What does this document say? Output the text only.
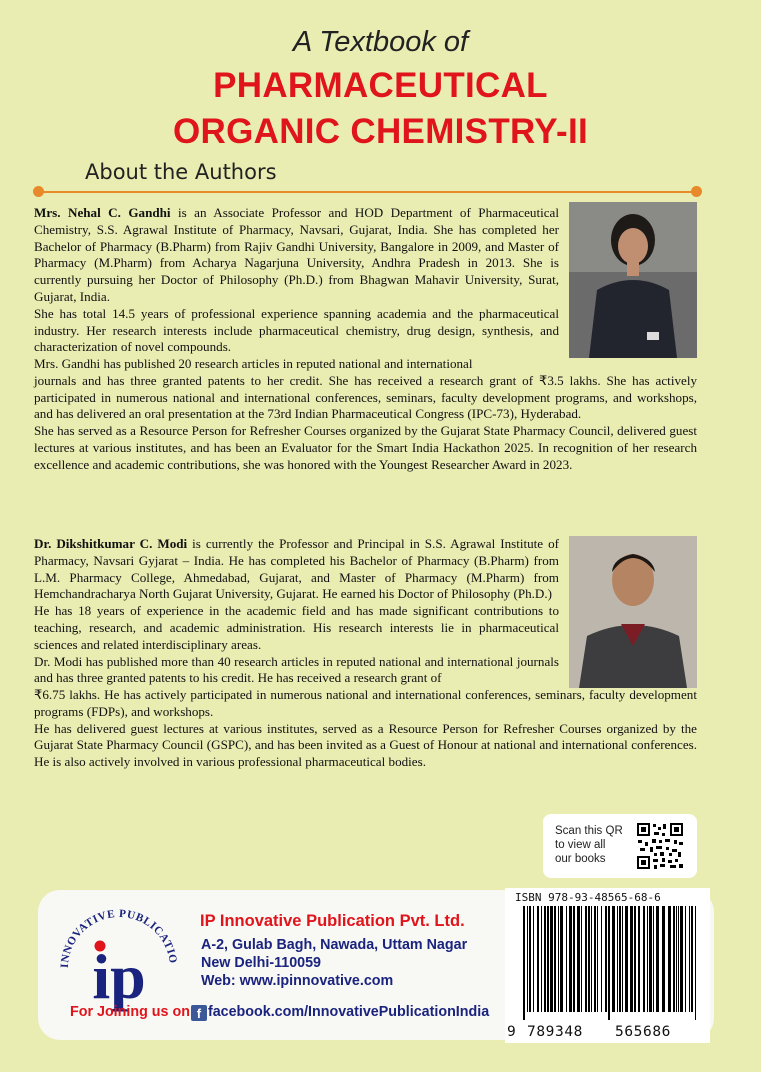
A Textbook of
PHARMACEUTICAL
ORGANIC CHEMISTRY-II
About the Authors

Mrs. Nehal C. Gandhi is an Associate Professor and HOD Department of Pharmaceutical Chemistry, S.S. Agrawal Institute of Pharmacy, Navsari, Gujarat, India. She has completed her Bachelor of Pharmacy (B.Pharm) from Rajiv Gandhi University, Bangalore in 2009, and Master of Pharmacy (M.Pharm) from Acharya Nagarjuna University, Andhra Pradesh in 2013. She is currently pursuing her Doctor of Philosophy (Ph.D.) from Bhagwan Mahavir University, Surat, Gujarat, India.

She has total 14.5 years of professional experience spanning academia and the pharmaceutical industry. Her research interests include pharmaceutical chemistry, drug design, synthesis, and characterization of novel compounds.

Mrs. Gandhi has published 20 research articles in reputed national and international

journals and has three granted patents to her credit. She has received a research grant of ₹3.5 lakhs. She has actively participated in numerous national and international conferences, seminars, faculty development programs, and workshops, and has delivered an oral presentation at the 73rd Indian Pharmaceutical Congress (IPC-73), Hyderabad.

She has served as a Resource Person for Refresher Courses organized by the Gujarat State Pharmacy Council, delivered guest lectures at various institutes, and has been an Evaluator for the Smart India Hackathon 2025. In recognition of her research excellence and academic contributions, she was honored with the Youngest Researcher Award in 2023.

Dr. Dikshitkumar C. Modi is currently the Professor and Principal in S.S. Agrawal Institute of Pharmacy, Navsari Gyjarat – India. He has completed his Bachelor of Pharmacy (B.Pharm) from L.M. Pharmacy College, Ahmedabad, Gujarat, and Master of Pharmacy (M.Pharm) from Hemchandracharya North Gujarat University, Gujarat. He earned his Doctor of Philosophy (Ph.D.)

He has 18 years of experience in the academic field and has made significant contributions to teaching, research, and academic administration. His research interests lie in pharmaceutical sciences and related interdisciplinary areas.

Dr. Modi has published more than 40 research articles in reputed national and international journals and has three granted patents to his credit. He has received a research grant of

₹6.75 lakhs. He has actively participated in numerous national and international conferences, seminars, faculty development programs (FDPs), and workshops.

He has delivered guest lectures at various institutes, served as a Resource Person for Refresher Courses organized by the Gujarat State Pharmacy Council (GSPC), and has been invited as a Guest of Honour at national and international conferences. He is also actively involved in various professional pharmaceutical bodies.

Scan this QR to view all our books
INNOVATIVE PUBLICATIO
ip
IP Innovative Publication Pvt. Ltd.
A-2, Gulab Bagh, Nawada, Uttam Nagar
New Delhi-110059
Web: www.ipinnovative.com
For Joining us on f facebook.com/InnovativePublicationIndia
ISBN 978-93-48565-68-6
9 789348 565686
